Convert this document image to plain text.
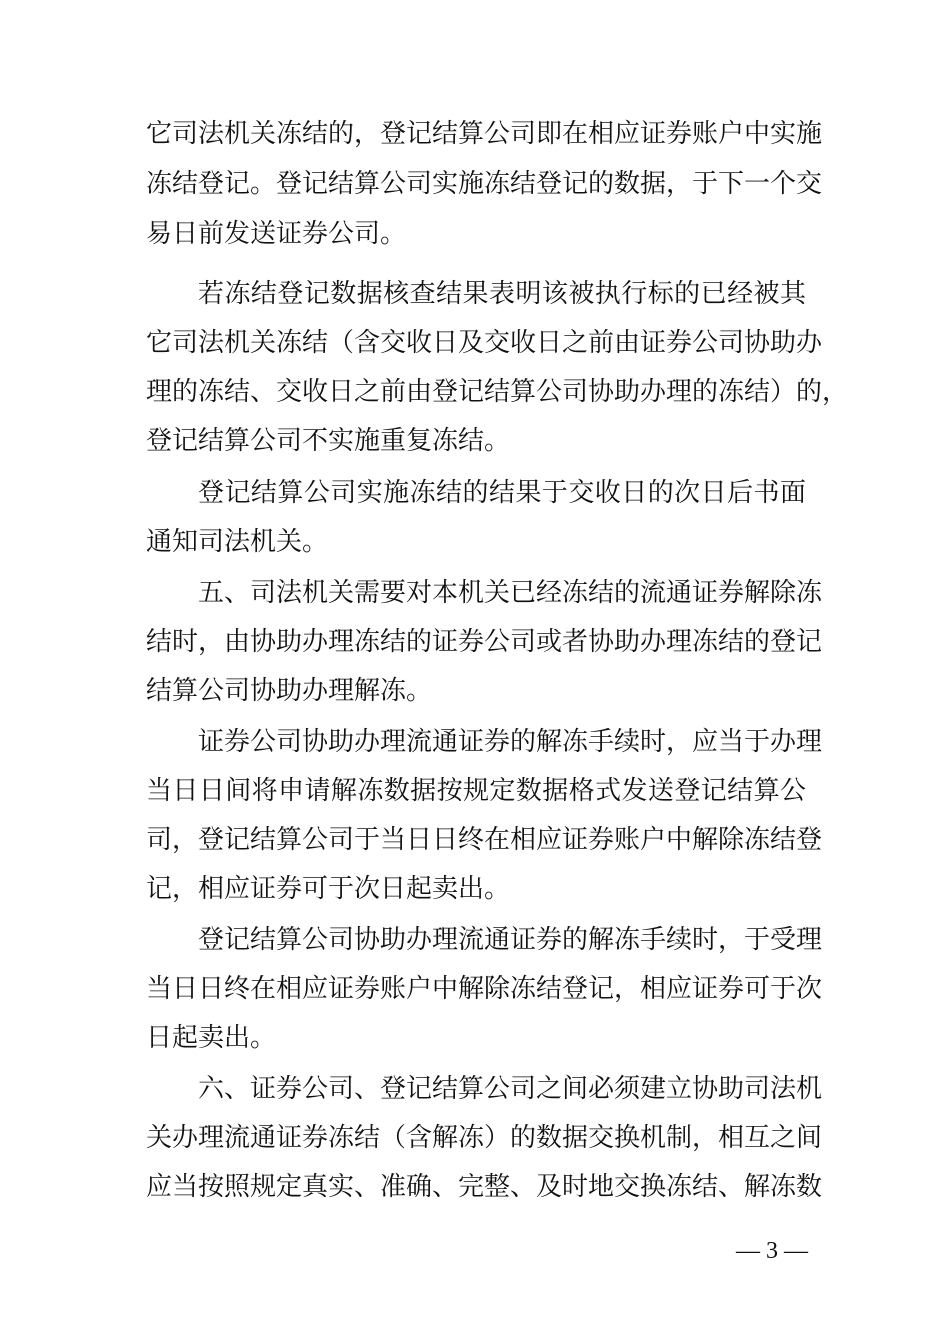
它司法机关冻结的，登记结算公司即在相应证券账户中实施
冻结登记。登记结算公司实施冻结登记的数据，于下一个交
易日前发送证券公司。
若冻结登记数据核查结果表明该被执行标的已经被其
它司法机关冻结（含交收日及交收日之前由证券公司协助办
理的冻结、交收日之前由登记结算公司协助办理的冻结）的，
登记结算公司不实施重复冻结。
登记结算公司实施冻结的结果于交收日的次日后书面
通知司法机关。
五、司法机关需要对本机关已经冻结的流通证券解除冻
结时，由协助办理冻结的证券公司或者协助办理冻结的登记
结算公司协助办理解冻。
证券公司协助办理流通证券的解冻手续时，应当于办理
当日日间将申请解冻数据按规定数据格式发送登记结算公
司，登记结算公司于当日日终在相应证券账户中解除冻结登
记，相应证券可于次日起卖出。
登记结算公司协助办理流通证券的解冻手续时，于受理
当日日终在相应证券账户中解除冻结登记，相应证券可于次
日起卖出。
六、证券公司、登记结算公司之间必须建立协助司法机
关办理流通证券冻结（含解冻）的数据交换机制，相互之间
应当按照规定真实、准确、完整、及时地交换冻结、解冻数
— 3 —
